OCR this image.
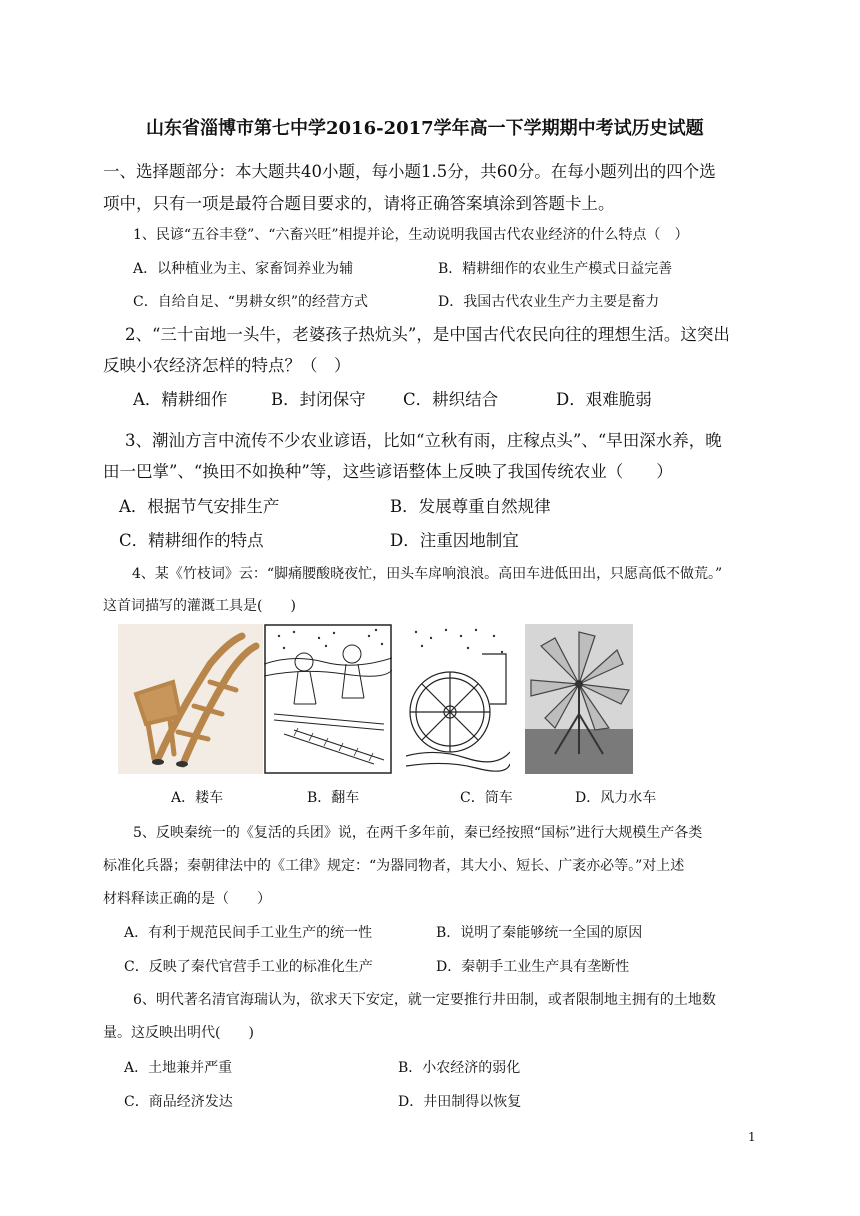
山东省淄博市第七中学2016-2017学年高一下学期期中考试历史试题
一、选择题部分：本大题共40小题，每小题1.5分，共60分。在每小题列出的四个选
项中，只有一项是最符合题目要求的，请将正确答案填涂到答题卡上。
1、民谚“五谷丰登”、“六畜兴旺”相提并论，生动说明我国古代农业经济的什么特点（　）
A．以种植业为主、家畜饲养业为辅	B．精耕细作的农业生产模式日益完善
C．自给自足、“男耕女织”的经营方式	D．我国古代农业生产力主要是畜力
2、“三十亩地一头牛，老婆孩子热炕头”，是中国古代农民向往的理想生活。这突出
反映小农经济怎样的特点？（　）
A．精耕细作	B．封闭保守 C．耕织结合	D．艰难脆弱
3、潮汕方言中流传不少农业谚语，比如“立秋有雨，庄稼点头”、“早田深水养，晚
田一巴掌”、“换田不如换种”等，这些谚语整体上反映了我国传统农业（　　）
A．根据节气安排生产	B．发展尊重自然规律
C．精耕细作的特点	D．注重因地制宜
4、某《竹枝词》云：“脚痛腰酸晓夜忙，田头车戽响浪浪。高田车进低田出，只愿高低不做荒。”
这首词描写的灌溉工具是(　　)
A．耧车	B．翻车	C．筒车	D．风力水车
5、反映秦统一的《复活的兵团》说，在两千多年前，秦已经按照“国标”进行大规模生产各类
标准化兵器；秦朝律法中的《工律》规定：“为器同物者，其大小、短长、广袤亦必等。”对上述
材料释读正确的是（　　）
A．有利于规范民间手工业生产的统一性	B．说明了秦能够统一全国的原因
C．反映了秦代官营手工业的标准化生产	D．秦朝手工业生产具有垄断性
6、明代著名清官海瑞认为，欲求天下安定，就一定要推行井田制，或者限制地主拥有的土地数
量。这反映出明代(　　)
A．土地兼并严重	B．小农经济的弱化
C．商品经济发达	D．井田制得以恢复
1
